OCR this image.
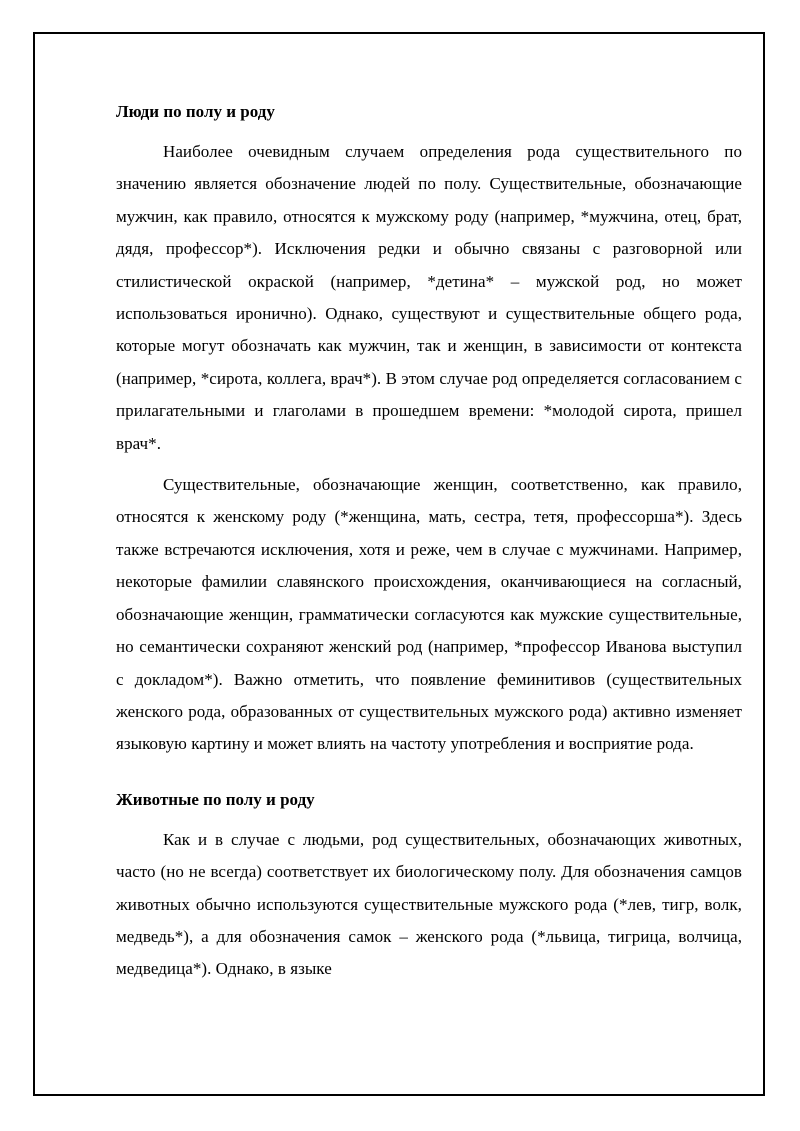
Люди по полу и роду

Наиболее очевидным случаем определения рода существительного по значению является обозначение людей по полу. Существительные, обозначающие мужчин, как правило, относятся к мужскому роду (например, *мужчина, отец, брат, дядя, профессор*). Исключения редки и обычно связаны с разговорной или стилистической окраской (например, *детина* – мужской род, но может использоваться иронично). Однако, существуют и существительные общего рода, которые могут обозначать как мужчин, так и женщин, в зависимости от контекста (например, *сирота, коллега, врач*). В этом случае род определяется согласованием с прилагательными и глаголами в прошедшем времени: *молодой сирота, пришел врач*.

Существительные, обозначающие женщин, соответственно, как правило, относятся к женскому роду (*женщина, мать, сестра, тетя, профессорша*). Здесь также встречаются исключения, хотя и реже, чем в случае с мужчинами. Например, некоторые фамилии славянского происхождения, оканчивающиеся на согласный, обозначающие женщин, грамматически согласуются как мужские существительные, но семантически сохраняют женский род (например, *профессор Иванова выступил с докладом*). Важно отметить, что появление феминитивов (существительных женского рода, образованных от существительных мужского рода) активно изменяет языковую картину и может влиять на частоту употребления и восприятие рода.

Животные по полу и роду

Как и в случае с людьми, род существительных, обозначающих животных, часто (но не всегда) соответствует их биологическому полу. Для обозначения самцов животных обычно используются существительные мужского рода (*лев, тигр, волк, медведь*), а для обозначения самок – женского рода (*львица, тигрица, волчица, медведица*). Однако, в языке
